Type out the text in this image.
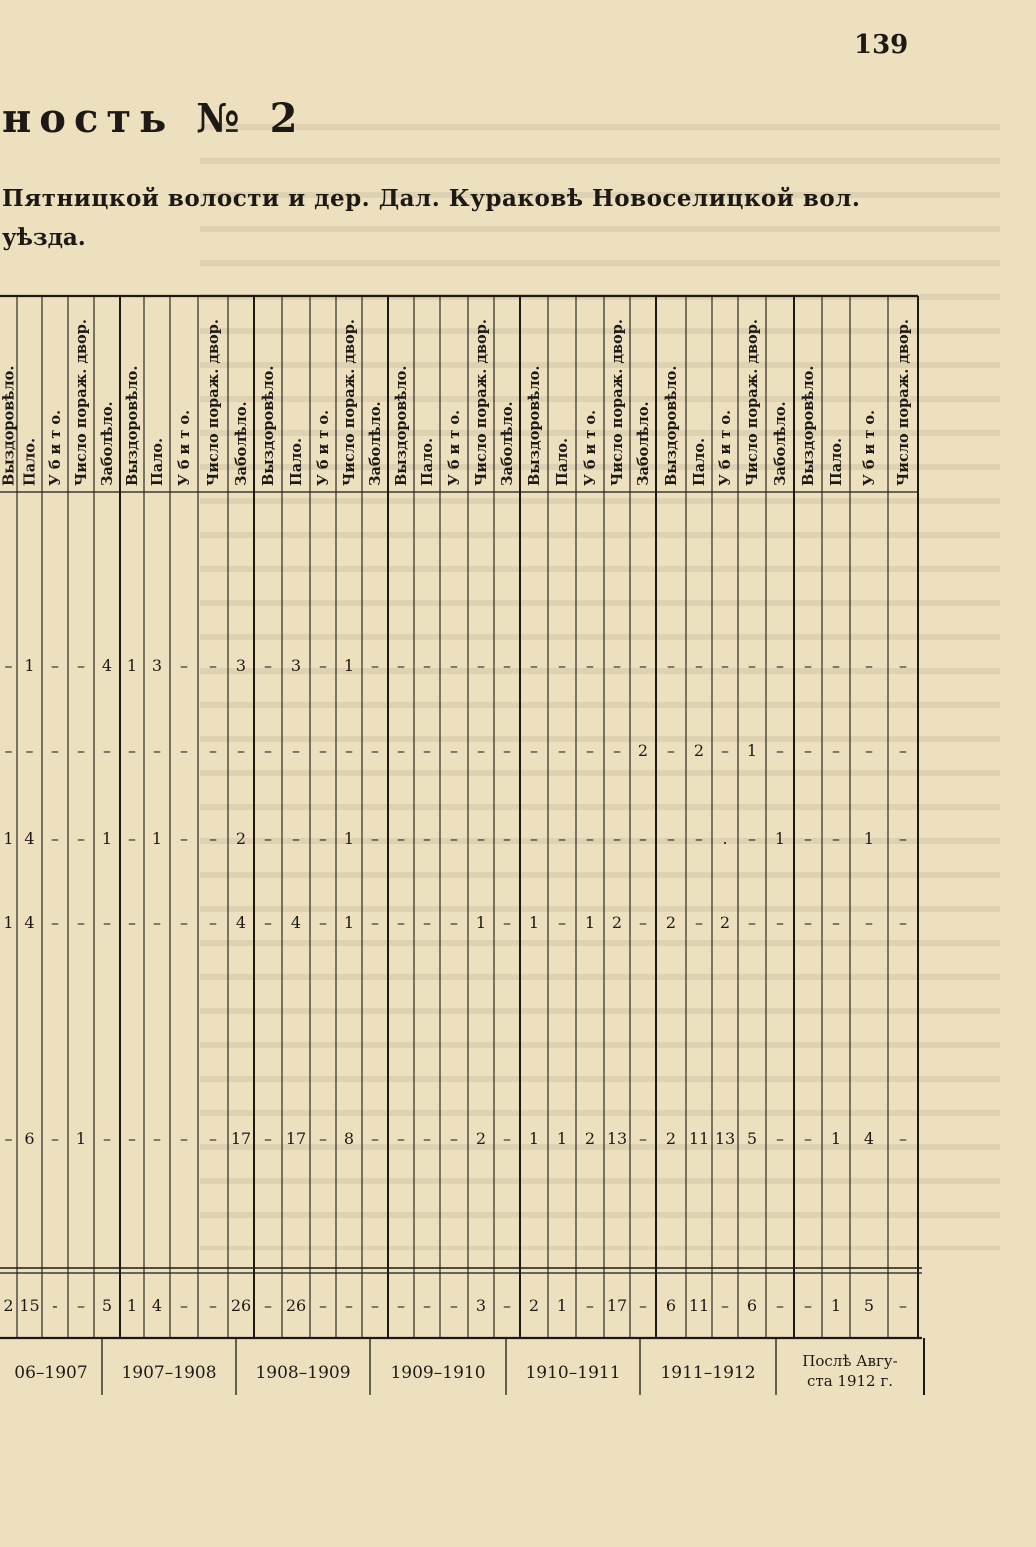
139
ность № 2
Пятницкой волости и дер. Дал. Кураковѣ Новоселицкой вол.
уѣзда.
Выздоровѣло. Пало. У б и т о. Число пораж. двор. Заболѣло. Выздоровѣло. Пало. У б и т о. Число пораж. двор. Заболѣло. Выздоровѣло. Пало. У б и т о. Число пораж. двор. Заболѣло. Выздоровѣло. Пало. У б и т о. Число пораж. двор. Заболѣло. Выздоровѣло. Пало. У б и т о. Число пораж. двор. Заболѣло. Выздоровѣло. Пало. У б и т о. Число пораж. двор. Заболѣло. Выздоровѣло. Пало. У б и т о. Число пораж. двор.
– 1 – – 4 1 3 – – 3 – 3 – 1 – – – – – – – – – – – – – – – – – – – –
– – – – – – – – – – – – – – – – – – – – – – – – 2 – 2 – 1 – – – – –
1 4 – – 1 – 1 – – 2 – – – 1 – – – – – – – – – – – – – . – 1 – – 1 –
1 4 – – – – – – – 4 – 4 – 1 – – – – 1 – 1 – 1 2 – 2 – 2 – – – – – –
– 6 – 1 – – – – – 17 – 17 – 8 – – – – 2 – 1 1 2 13 – 2 11 13 5 – – 1 4 –
2 15 - – 5 1 4 – – 26 – 26 – – – – – – 3 – 2 1 – 17 – 6 11 – 6 – – 1 5 –
06–1907 1907–1908 1908–1909 1909–1910 1910–1911 1911–1912
Послѣ Авгу-ста 1912 г.
